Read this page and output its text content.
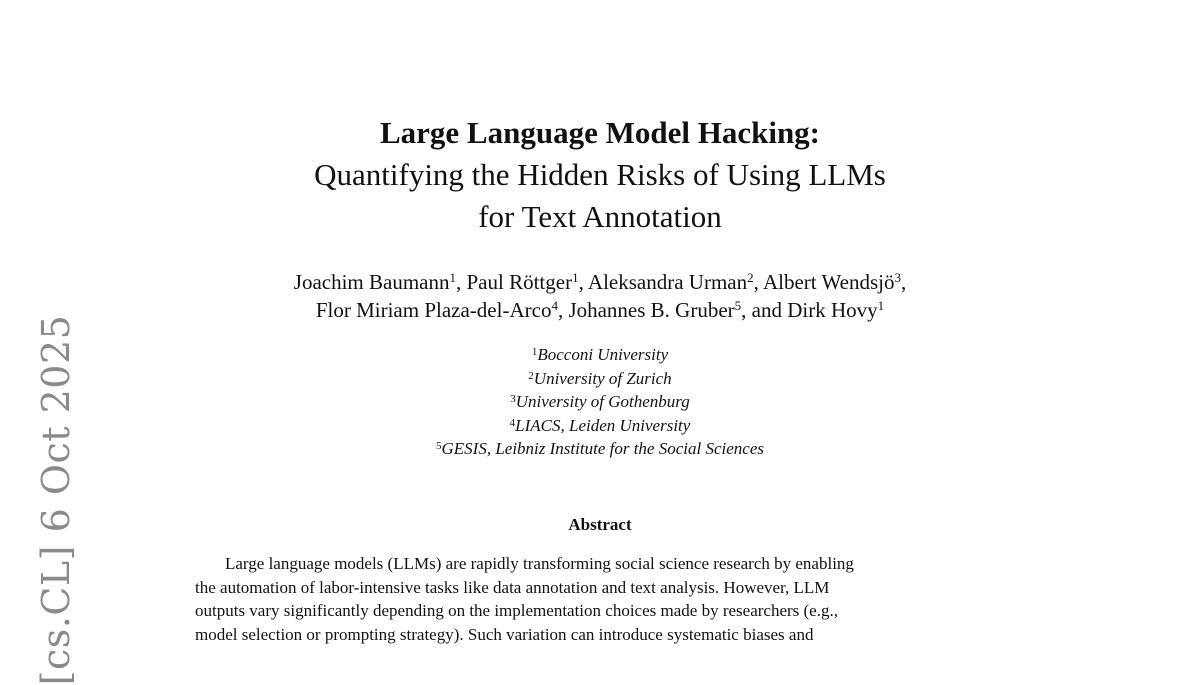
[cs.CL] 6 Oct 2025
Large Language Model Hacking:
Quantifying the Hidden Risks of Using LLMs
for Text Annotation
Joachim Baumann$^1$, Paul Röttger$^1$, Aleksandra Urman$^2$, Albert Wendsjö$^3$,
Flor Miriam Plaza-del-Arco$^4$, Johannes B. Gruber$^5$, and Dirk Hovy$^1$
$^1$Bocconi University
$^2$University of Zurich
$^3$University of Gothenburg
$^4$LIACS, Leiden University
$^5$GESIS, Leibniz Institute for the Social Sciences
Abstract
Large language models (LLMs) are rapidly transforming social science research by enabling
the automation of labor-intensive tasks like data annotation and text analysis. However, LLM
outputs vary significantly depending on the implementation choices made by researchers (e.g.,
model selection or prompting strategy). Such variation can introduce systematic biases and
